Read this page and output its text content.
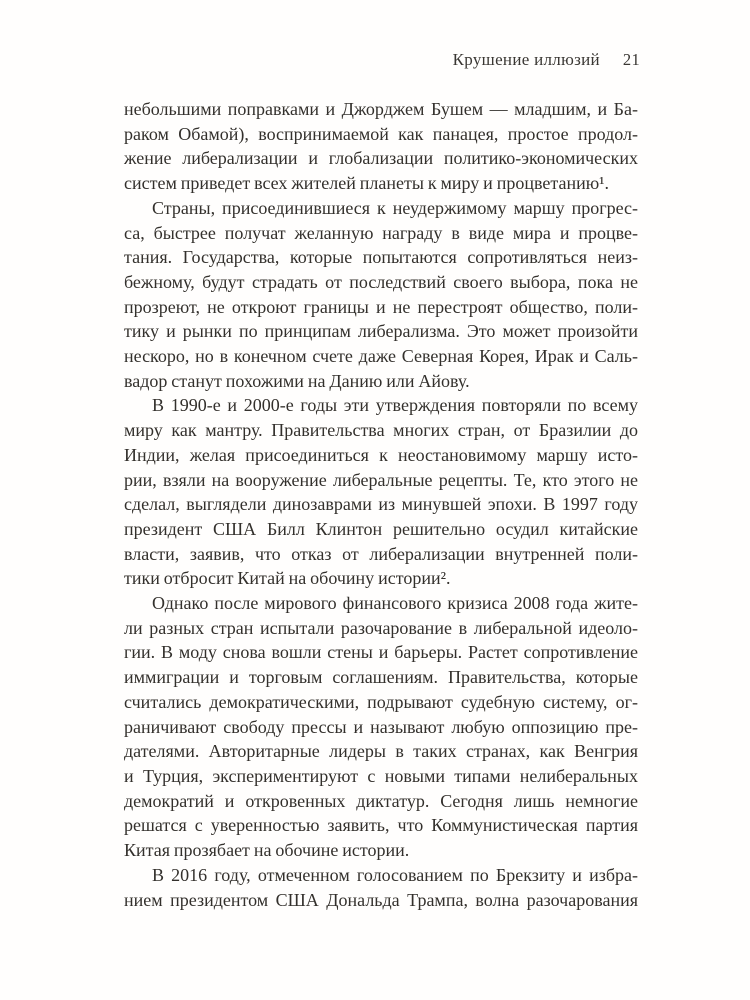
Крушение иллюзий 21
небольшими поправками и Джорджем Бушем — младшим, и Ба-
раком Обамой), воспринимаемой как панацея, простое продол-
жение либерализации и глобализации политико-экономических
систем приведет всех жителей планеты к миру и процветанию¹.
Страны, присоединившиеся к неудержимому маршу прогрес-
са, быстрее получат желанную награду в виде мира и процве-
тания. Государства, которые попытаются сопротивляться неиз-
бежному, будут страдать от последствий своего выбора, пока не
прозреют, не откроют границы и не перестроят общество, поли-
тику и рынки по принципам либерализма. Это может произойти
нескоро, но в конечном счете даже Северная Корея, Ирак и Саль-
вадор станут похожими на Данию или Айову.
В 1990-е и 2000-е годы эти утверждения повторяли по всему
миру как мантру. Правительства многих стран, от Бразилии до
Индии, желая присоединиться к неостановимому маршу исто-
рии, взяли на вооружение либеральные рецепты. Те, кто этого не
сделал, выглядели динозаврами из минувшей эпохи. В 1997 году
президент США Билл Клинтон решительно осудил китайские
власти, заявив, что отказ от либерализации внутренней поли-
тики отбросит Китай на обочину истории².
Однако после мирового финансового кризиса 2008 года жите-
ли разных стран испытали разочарование в либеральной идеоло-
гии. В моду снова вошли стены и барьеры. Растет сопротивление
иммиграции и торговым соглашениям. Правительства, которые
считались демократическими, подрывают судебную систему, ог-
раничивают свободу прессы и называют любую оппозицию пре-
дателями. Авторитарные лидеры в таких странах, как Венгрия
и Турция, экспериментируют с новыми типами нелиберальных
демократий и откровенных диктатур. Сегодня лишь немногие
решатся с уверенностью заявить, что Коммунистическая партия
Китая прозябает на обочине истории.
В 2016 году, отмеченном голосованием по Брекзиту и избра-
нием президентом США Дональда Трампа, волна разочарования
